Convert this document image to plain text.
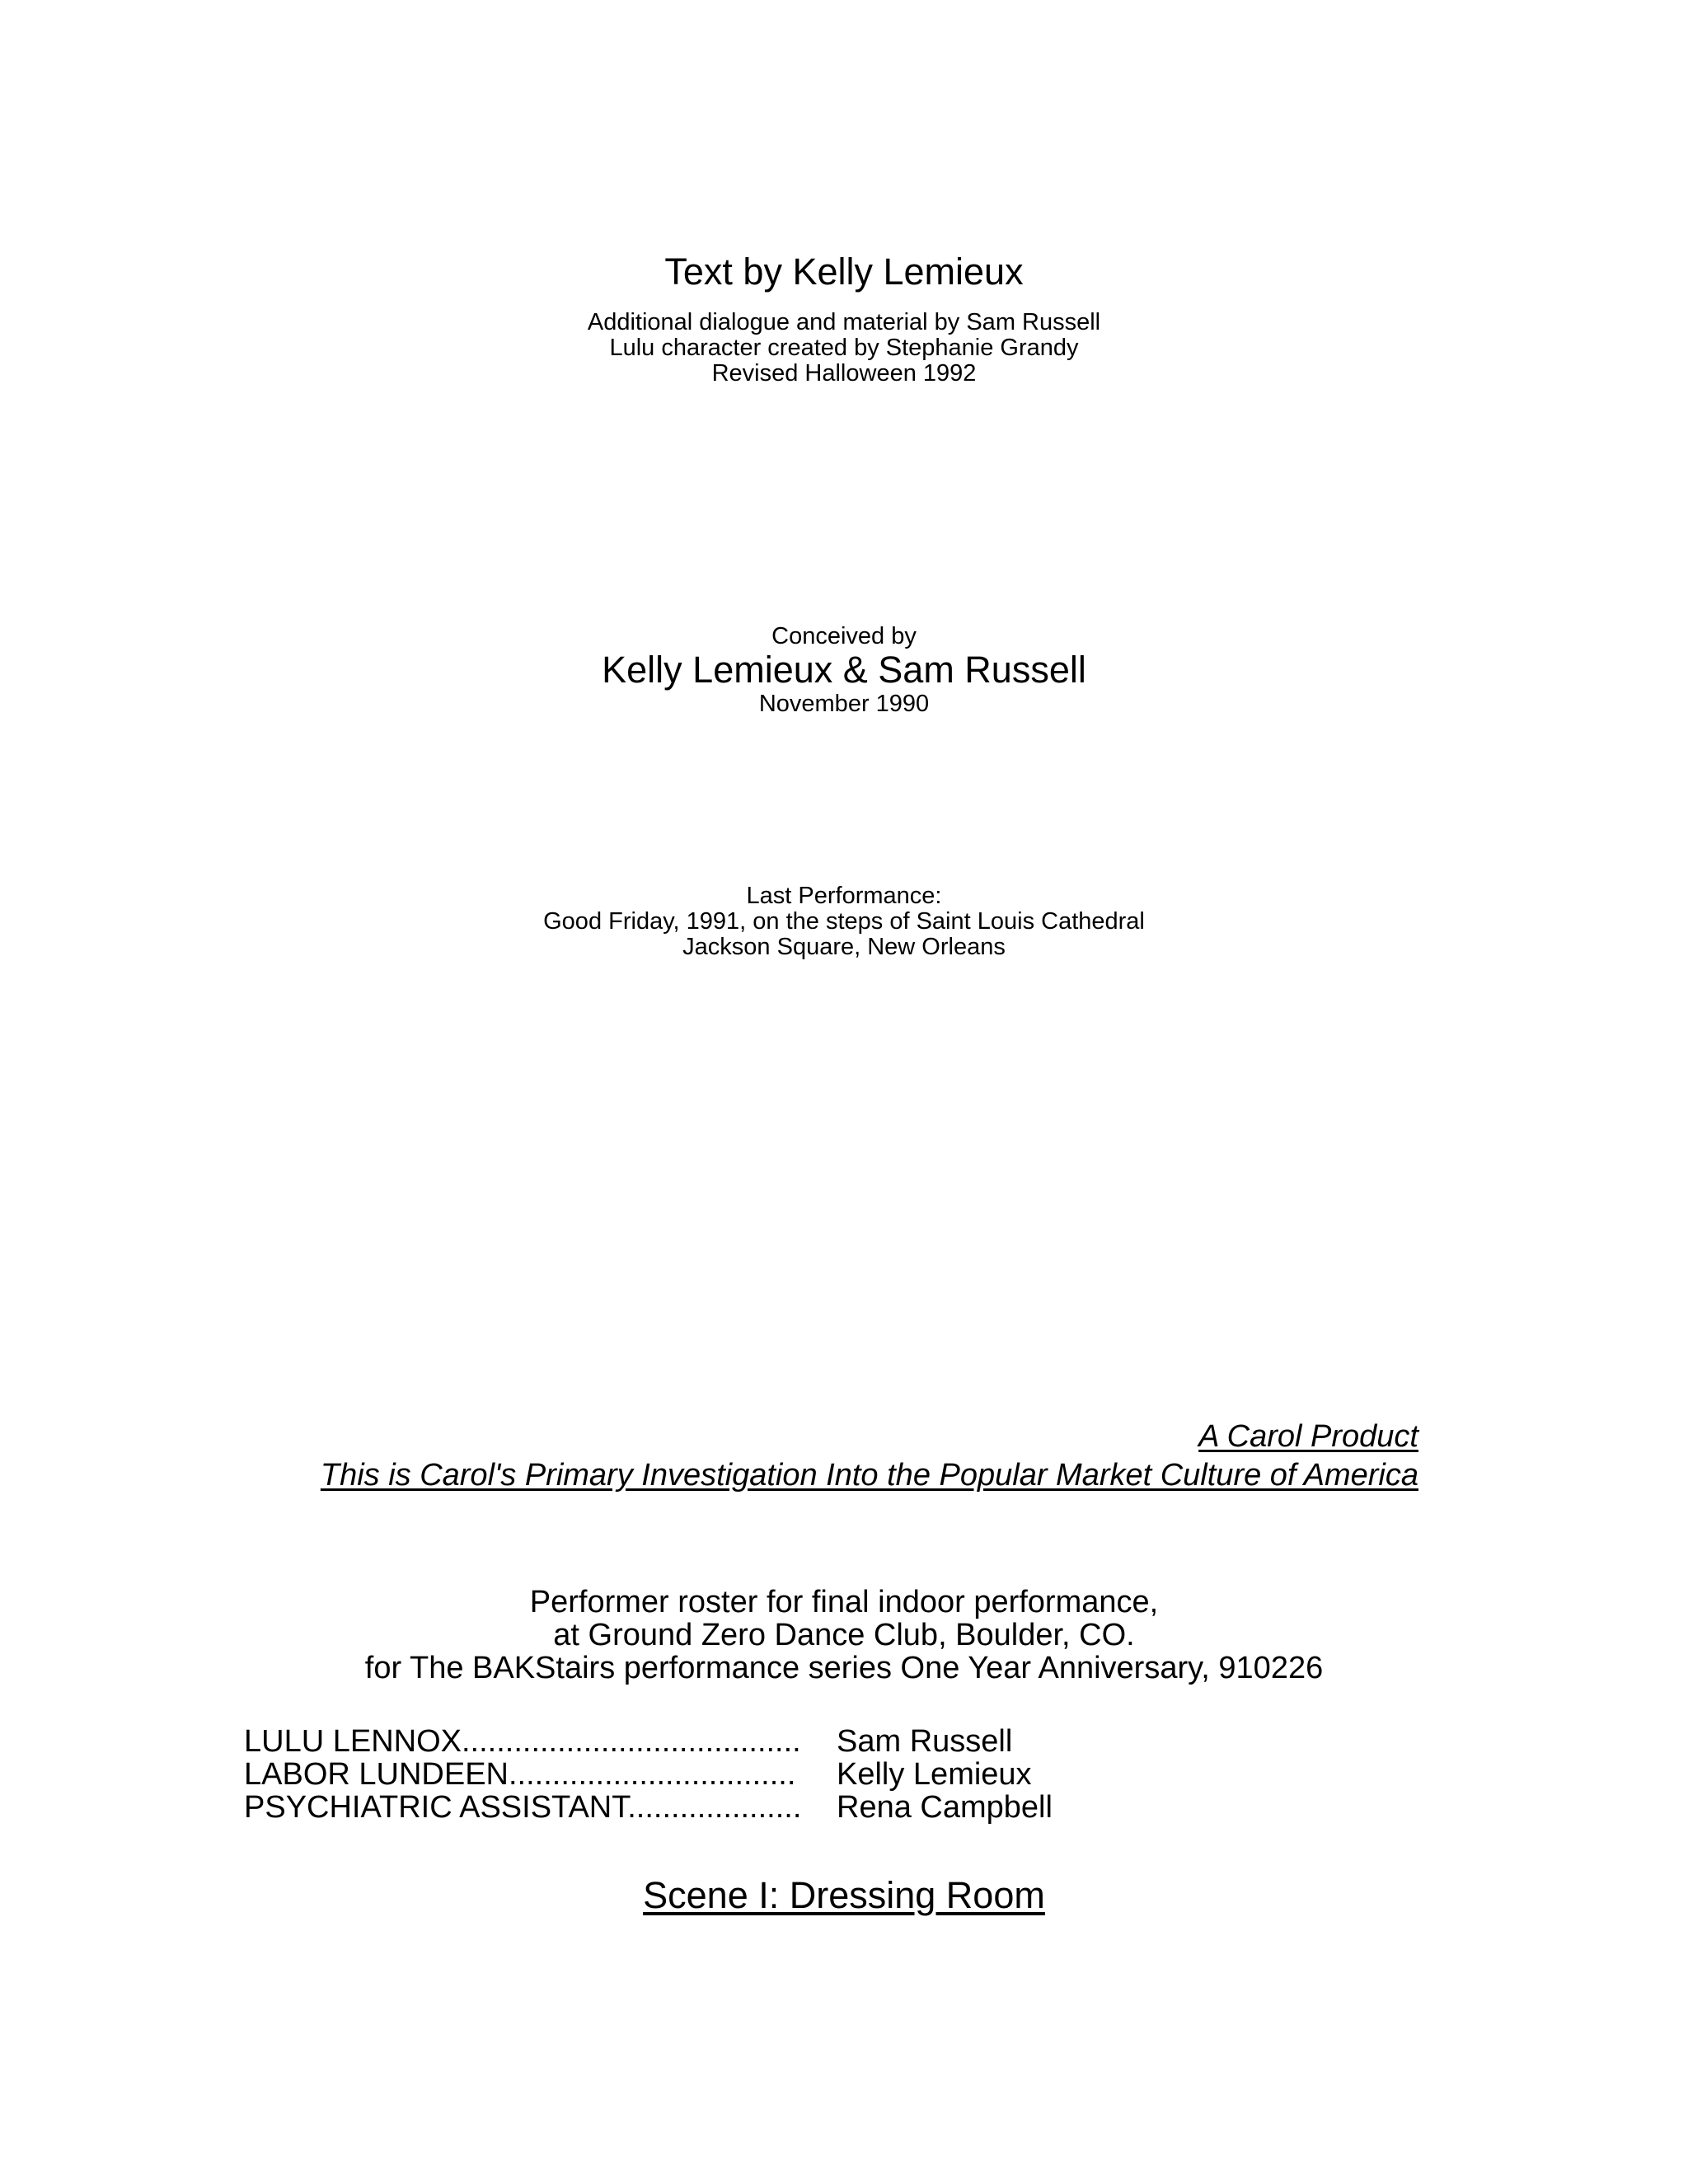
Text by Kelly Lemieux
Additional dialogue and material by Sam Russell
Lulu character created by Stephanie Grandy
Revised Halloween 1992
Conceived by
Kelly Lemieux & Sam Russell
November 1990
Last Performance:
Good Friday, 1991, on the steps of Saint Louis Cathedral
Jackson Square, New Orleans
A Carol Product
This is Carol's Primary Investigation Into the Popular Market Culture of America
Performer roster for final indoor performance,
at Ground Zero Dance Club, Boulder, CO.
for The BAKStairs performance series One Year Anniversary, 910226
LULU LENNOX.......................................	Sam Russell
LABOR LUNDEEN.................................	Kelly Lemieux
PSYCHIATRIC ASSISTANT....................	Rena Campbell
Scene I: Dressing Room
